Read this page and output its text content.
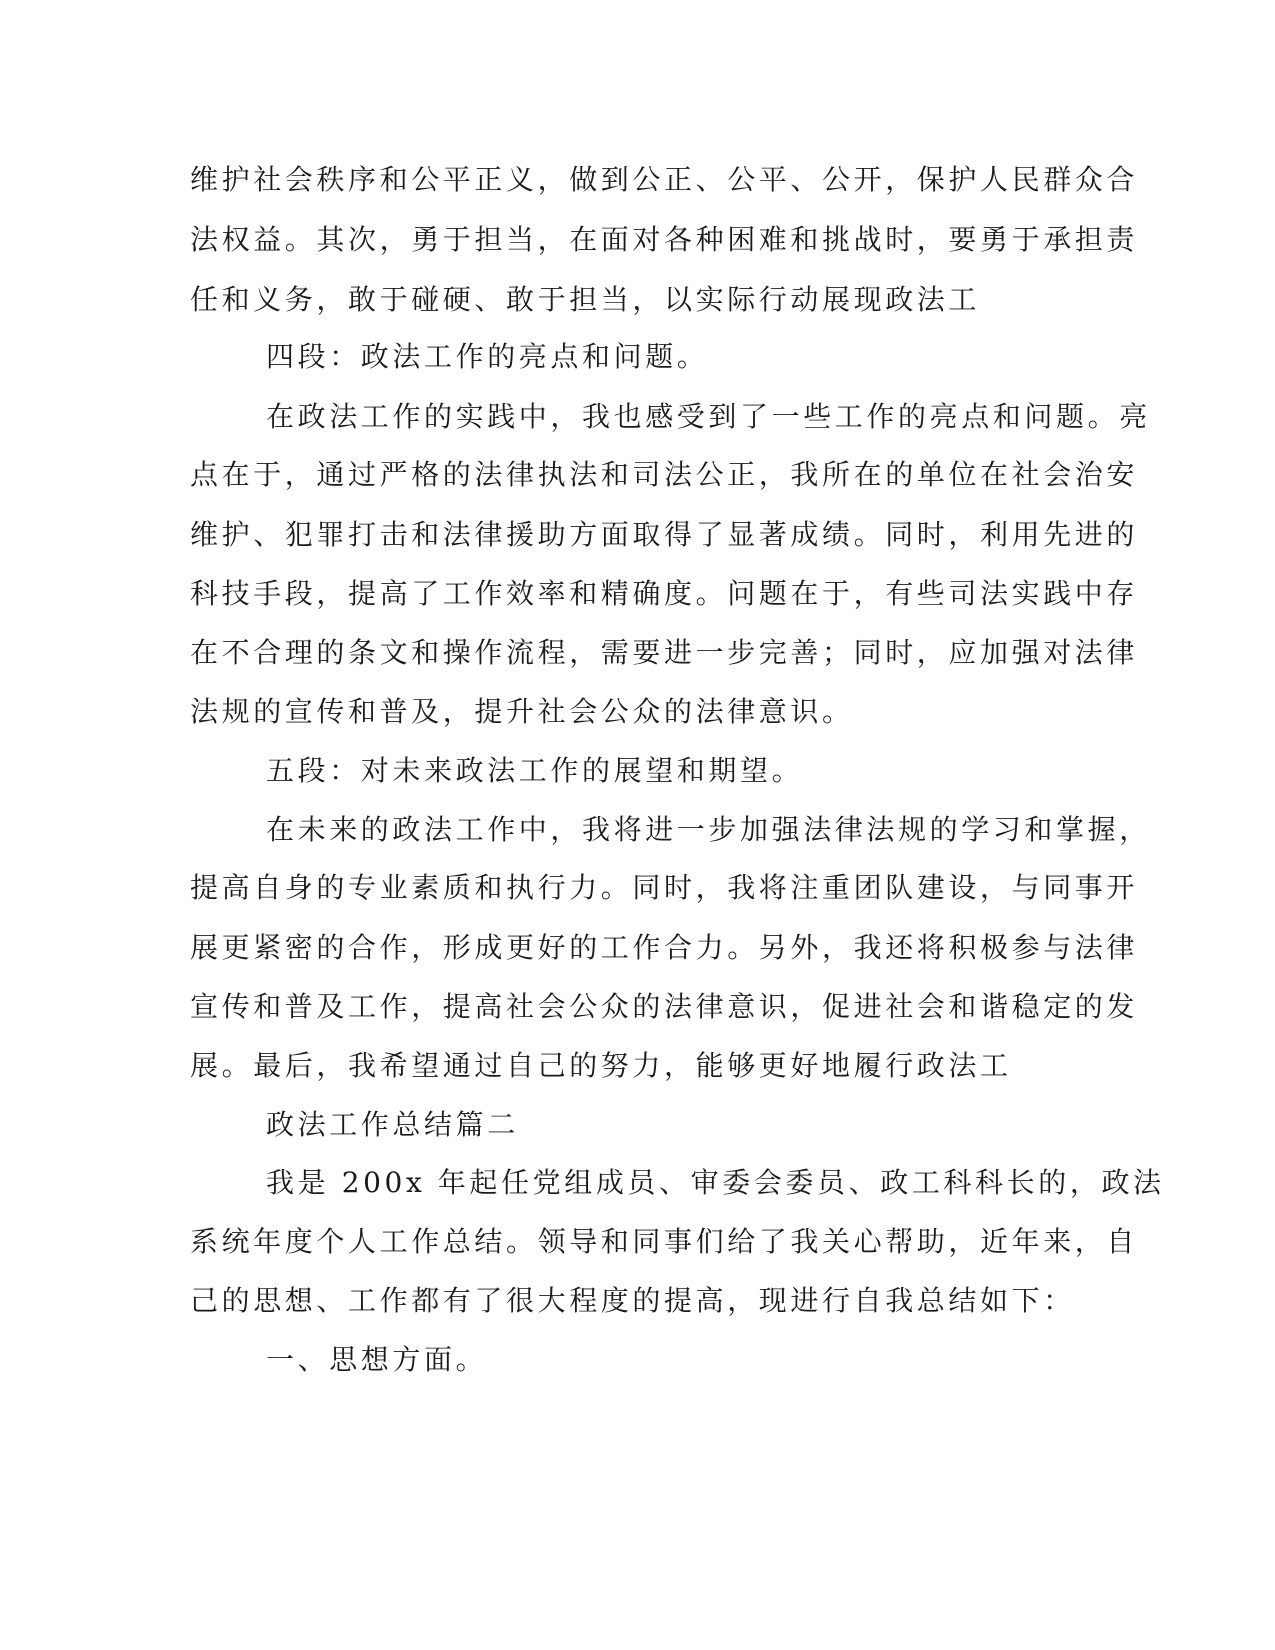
维护社会秩序和公平正义，做到公正、公平、公开，保护人民群众合

法权益。其次，勇于担当，在面对各种困难和挑战时，要勇于承担责

任和义务，敢于碰硬、敢于担当，以实际行动展现政法工

四段：政法工作的亮点和问题。

在政法工作的实践中，我也感受到了一些工作的亮点和问题。亮

点在于，通过严格的法律执法和司法公正，我所在的单位在社会治安

维护、犯罪打击和法律援助方面取得了显著成绩。同时，利用先进的

科技手段，提高了工作效率和精确度。问题在于，有些司法实践中存

在不合理的条文和操作流程，需要进一步完善；同时，应加强对法律

法规的宣传和普及，提升社会公众的法律意识。

五段：对未来政法工作的展望和期望。

在未来的政法工作中，我将进一步加强法律法规的学习和掌握，

提高自身的专业素质和执行力。同时，我将注重团队建设，与同事开

展更紧密的合作，形成更好的工作合力。另外，我还将积极参与法律

宣传和普及工作，提高社会公众的法律意识，促进社会和谐稳定的发

展。最后，我希望通过自己的努力，能够更好地履行政法工

政法工作总结篇二

我是 200x 年起任党组成员、审委会委员、政工科科长的，政法

系统年度个人工作总结。领导和同事们给了我关心帮助，近年来，自

己的思想、工作都有了很大程度的提高，现进行自我总结如下：

一、思想方面。
